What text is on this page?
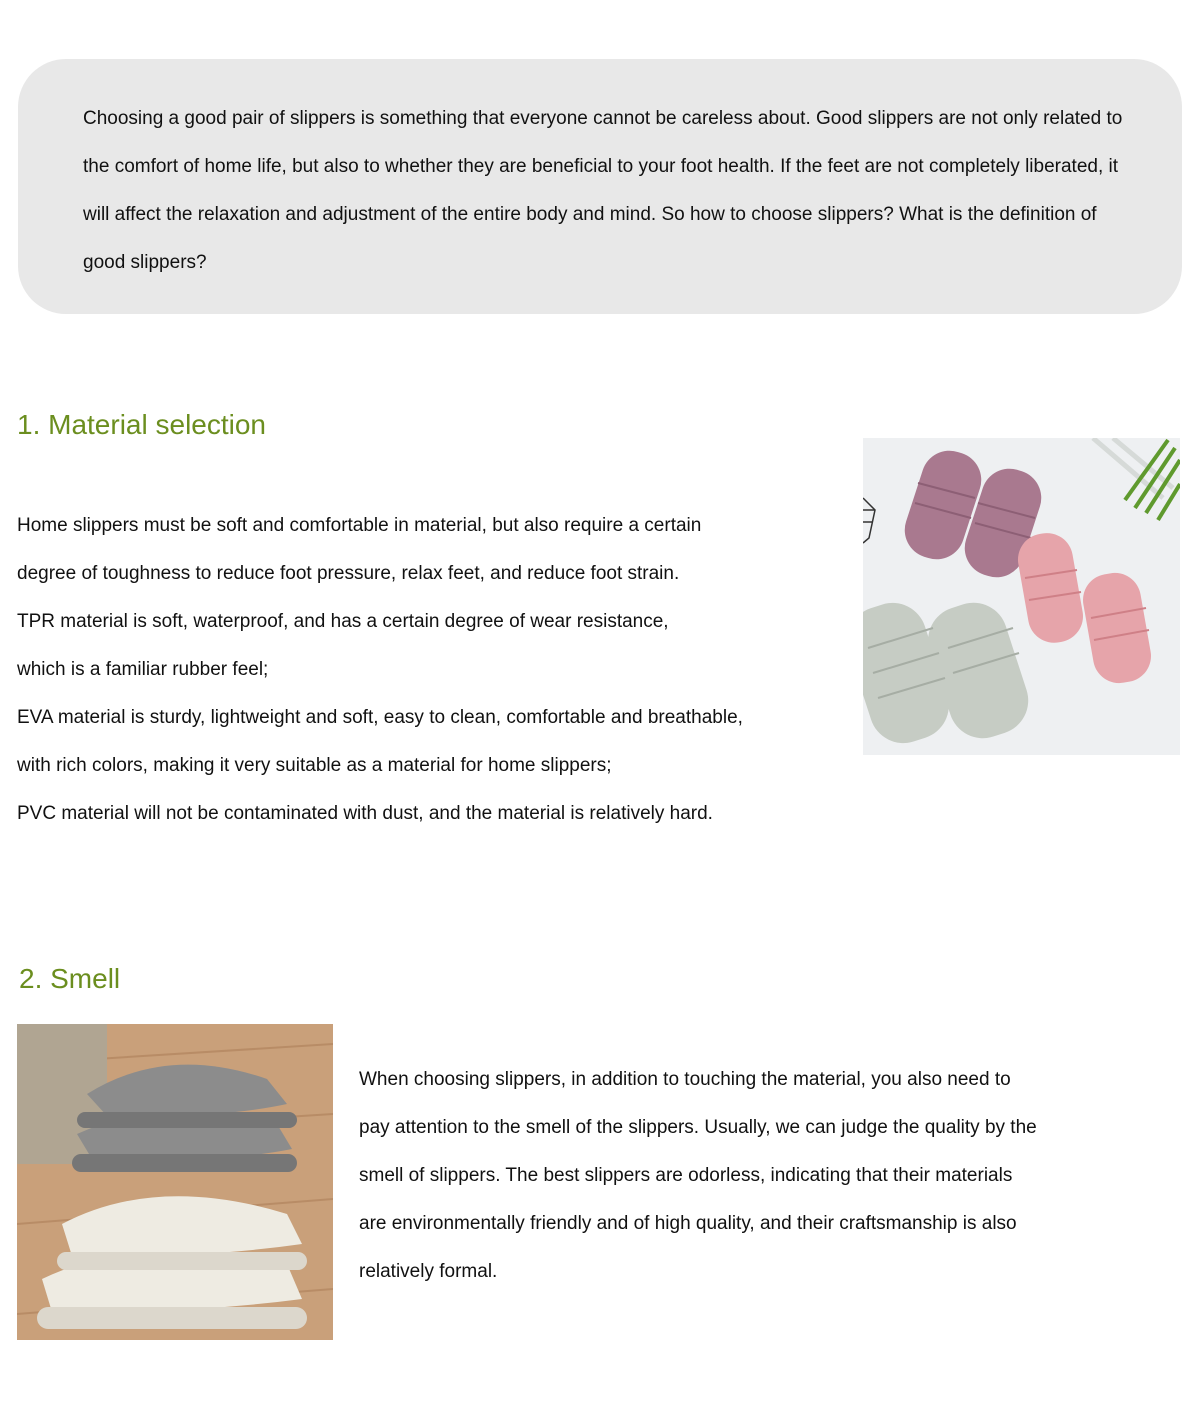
Choosing a good pair of slippers is something that everyone cannot be careless about. Good slippers are not only related to the comfort of home life, but also to whether they are beneficial to your foot health. If the feet are not completely liberated, it will affect the relaxation and adjustment of the entire body and mind. So how to choose slippers? What is the definition of good slippers?

1. Material selection
Home slippers must be soft and comfortable in material, but also require a certain
degree of toughness to reduce foot pressure, relax feet, and reduce foot strain.
TPR material is soft, waterproof, and has a certain degree of wear resistance,
which is a familiar rubber feel;
EVA material is sturdy, lightweight and soft, easy to clean, comfortable and breathable,
with rich colors, making it very suitable as a material for home slippers;
PVC material will not be contaminated with dust, and the material is relatively hard.
2. Smell
When choosing slippers, in addition to touching the material, you also need to
pay attention to the smell of the slippers. Usually, we can judge the quality by the
smell of slippers. The best slippers are odorless, indicating that their materials
are environmentally friendly and of high quality, and their craftsmanship is also
relatively formal.
